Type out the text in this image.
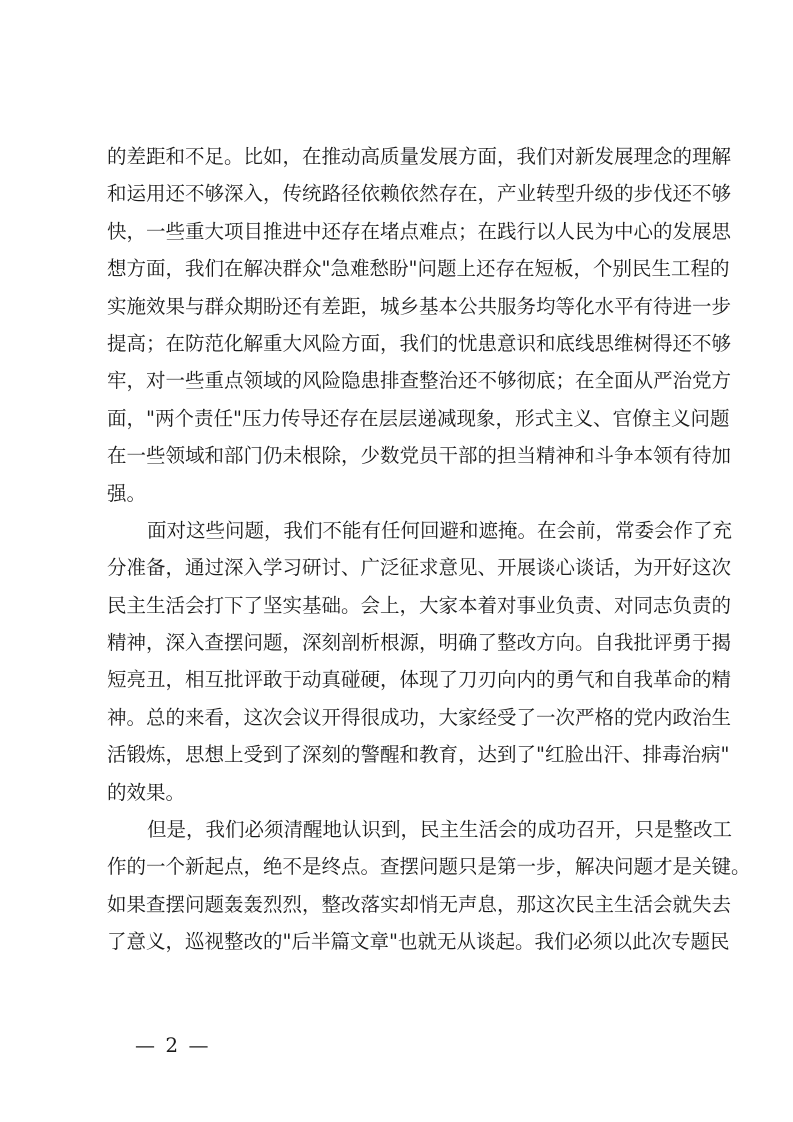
的差距和不足。比如，在推动高质量发展方面，我们对新发展理念的理解
和运用还不够深入，传统路径依赖依然存在，产业转型升级的步伐还不够
快，一些重大项目推进中还存在堵点难点；在践行以人民为中心的发展思
想方面，我们在解决群众"急难愁盼"问题上还存在短板，个别民生工程的
实施效果与群众期盼还有差距，城乡基本公共服务均等化水平有待进一步
提高；在防范化解重大风险方面，我们的忧患意识和底线思维树得还不够
牢，对一些重点领域的风险隐患排查整治还不够彻底；在全面从严治党方
面，"两个责任"压力传导还存在层层递减现象，形式主义、官僚主义问题
在一些领域和部门仍未根除，少数党员干部的担当精神和斗争本领有待加
强。
面对这些问题，我们不能有任何回避和遮掩。在会前，常委会作了充
分准备，通过深入学习研讨、广泛征求意见、开展谈心谈话，为开好这次
民主生活会打下了坚实基础。会上，大家本着对事业负责、对同志负责的
精神，深入查摆问题，深刻剖析根源，明确了整改方向。自我批评勇于揭
短亮丑，相互批评敢于动真碰硬，体现了刀刃向内的勇气和自我革命的精
神。总的来看，这次会议开得很成功，大家经受了一次严格的党内政治生
活锻炼，思想上受到了深刻的警醒和教育，达到了"红脸出汗、排毒治病"
的效果。
但是，我们必须清醒地认识到，民主生活会的成功召开，只是整改工
作的一个新起点，绝不是终点。查摆问题只是第一步，解决问题才是关键。
如果查摆问题轰轰烈烈，整改落实却悄无声息，那这次民主生活会就失去
了意义，巡视整改的"后半篇文章"也就无从谈起。我们必须以此次专题民
— 2 —
